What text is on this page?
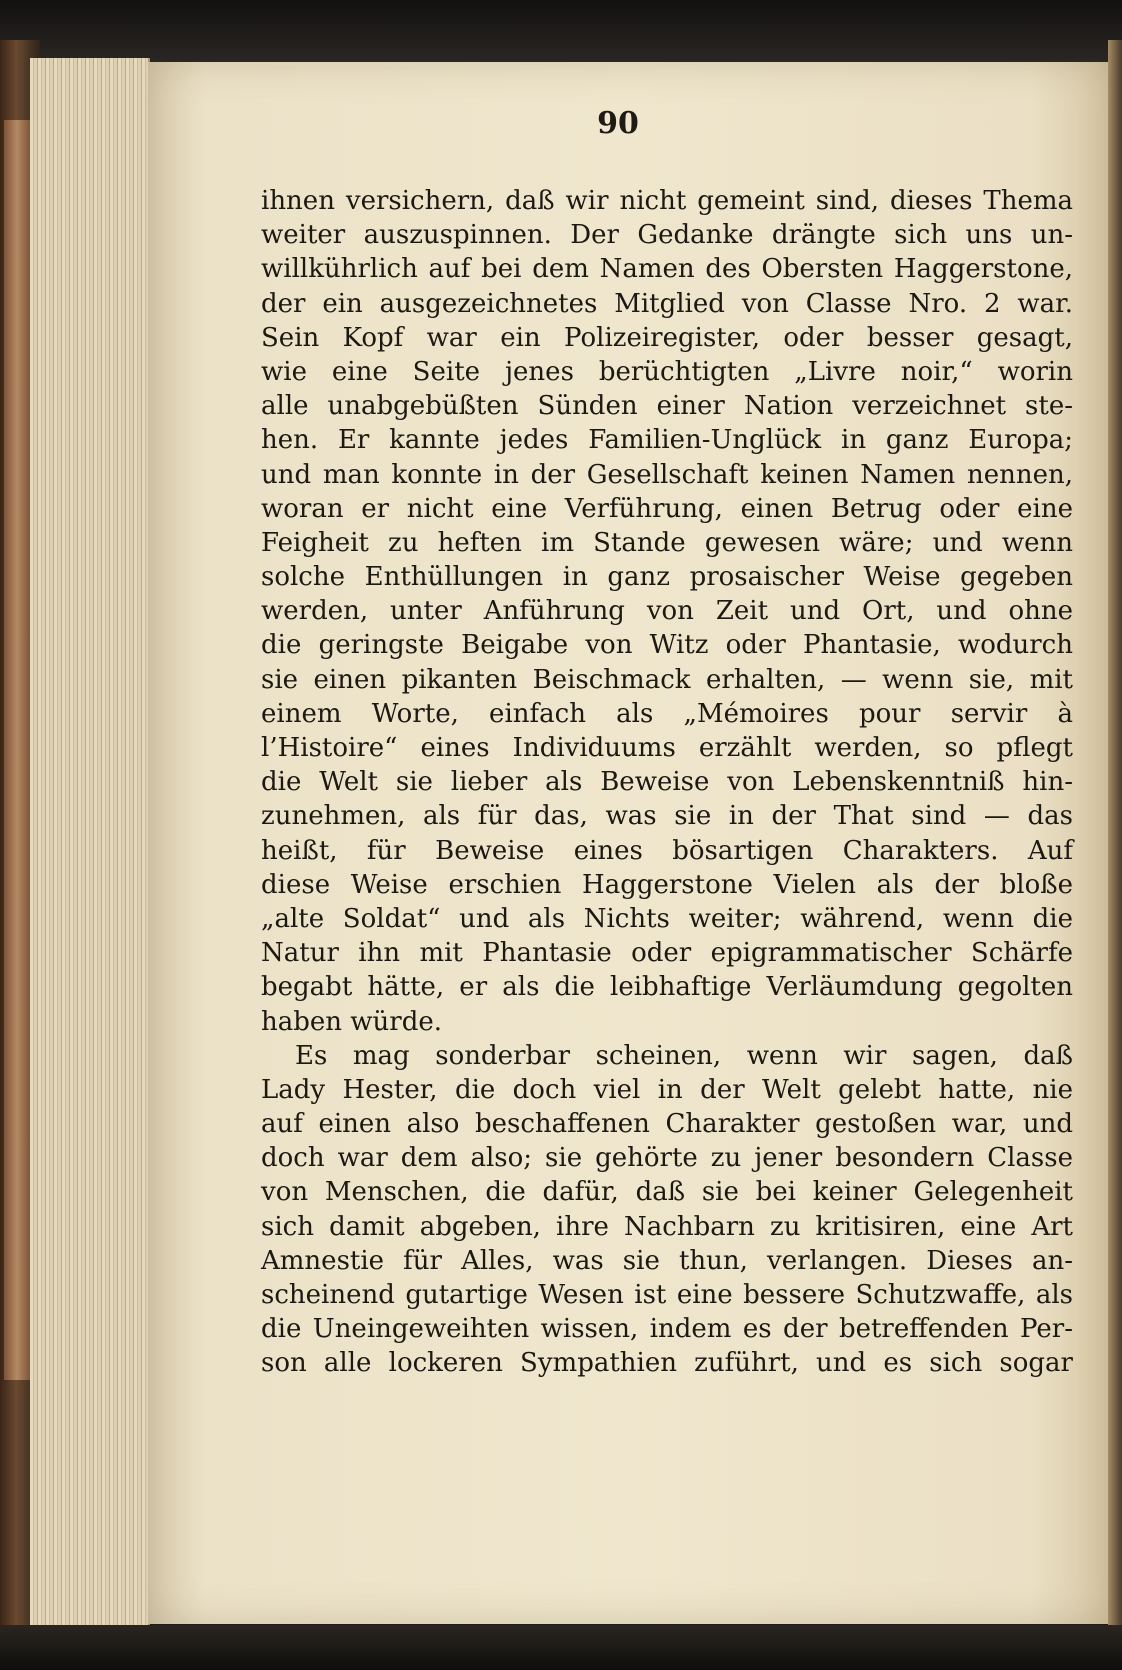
90
ihnen versichern, daß wir nicht gemeint sind, dieses Thema
weiter auszuspinnen. Der Gedanke drängte sich uns un-
willkührlich auf bei dem Namen des Obersten Haggerstone,
der ein ausgezeichnetes Mitglied von Classe Nro. 2 war.
Sein Kopf war ein Polizeiregister, oder besser gesagt,
wie eine Seite jenes berüchtigten „Livre noir,“ worin
alle unabgebüßten Sünden einer Nation verzeichnet ste-
hen. Er kannte jedes Familien-Unglück in ganz Europa;
und man konnte in der Gesellschaft keinen Namen nennen,
woran er nicht eine Verführung, einen Betrug oder eine
Feigheit zu heften im Stande gewesen wäre; und wenn
solche Enthüllungen in ganz prosaischer Weise gegeben
werden, unter Anführung von Zeit und Ort, und ohne
die geringste Beigabe von Witz oder Phantasie, wodurch
sie einen pikanten Beischmack erhalten, — wenn sie, mit
einem Worte, einfach als „Mémoires pour servir à
l’Histoire“ eines Individuums erzählt werden, so pflegt
die Welt sie lieber als Beweise von Lebenskenntniß hin-
zunehmen, als für das, was sie in der That sind — das
heißt, für Beweise eines bösartigen Charakters. Auf
diese Weise erschien Haggerstone Vielen als der bloße
„alte Soldat“ und als Nichts weiter; während, wenn die
Natur ihn mit Phantasie oder epigrammatischer Schärfe
begabt hätte, er als die leibhaftige Verläumdung gegolten
haben würde.
Es mag sonderbar scheinen, wenn wir sagen, daß
Lady Hester, die doch viel in der Welt gelebt hatte, nie
auf einen also beschaffenen Charakter gestoßen war, und
doch war dem also; sie gehörte zu jener besondern Classe
von Menschen, die dafür, daß sie bei keiner Gelegenheit
sich damit abgeben, ihre Nachbarn zu kritisiren, eine Art
Amnestie für Alles, was sie thun, verlangen. Dieses an-
scheinend gutartige Wesen ist eine bessere Schutzwaffe, als
die Uneingeweihten wissen, indem es der betreffenden Per-
son alle lockeren Sympathien zuführt, und es sich sogar
